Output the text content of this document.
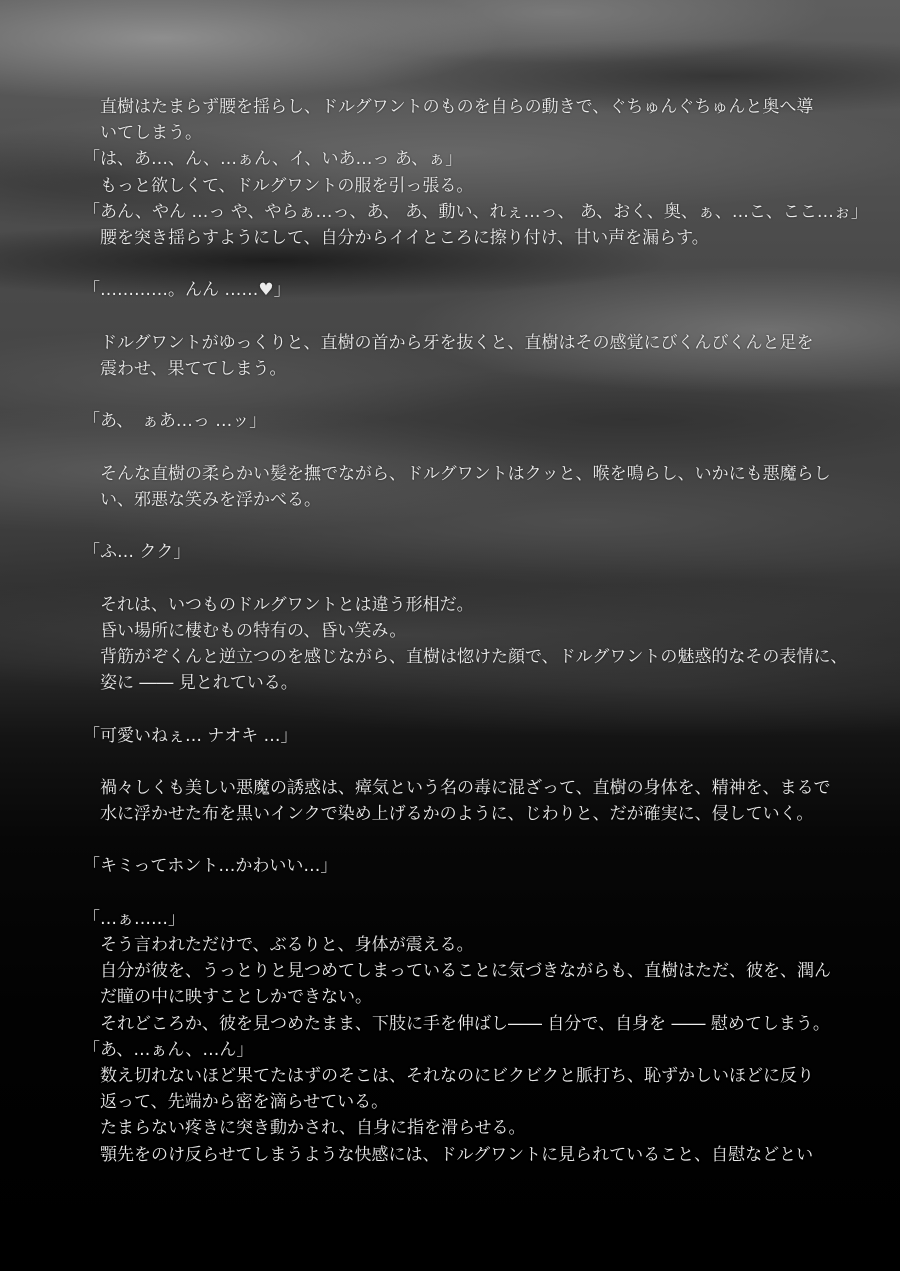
直樹はたまらず腰を揺らし、ドルグワントのものを自らの動きで、ぐちゅんぐちゅんと奥へ導
いてしまう。
「は、あ…、ん、…ぁん、イ、いあ…っ あ、ぁ」
もっと欲しくて、ドルグワントの服を引っ張る。
「あん、やん …っ や、やらぁ…っ、あ、 あ、動い、れぇ…っ、 あ、おく、奥、ぁ、…こ、ここ…ぉ」
腰を突き揺らすようにして、自分からイイところに擦り付け、甘い声を漏らす。
「…………。んん ……♥」
ドルグワントがゆっくりと、直樹の首から牙を抜くと、直樹はその感覚にびくんびくんと足を
震わせ、果ててしまう。
「あ、　ぁあ…っ …ッ」
そんな直樹の柔らかい髪を撫でながら、ドルグワントはクッと、喉を鳴らし、いかにも悪魔らし
い、邪悪な笑みを浮かべる。
「ふ… クク」
それは、いつものドルグワントとは違う形相だ。
昏い場所に棲むもの特有の、昏い笑み。
背筋がぞくんと逆立つのを感じながら、直樹は惚けた顔で、ドルグワントの魅惑的なその表情に、
姿に ―― 見とれている。
「可愛いねぇ… ナオキ …」
禍々しくも美しい悪魔の誘惑は、瘴気という名の毒に混ざって、直樹の身体を、精神を、まるで
水に浮かせた布を黒いインクで染め上げるかのように、じわりと、だが確実に、侵していく。
「キミってホント…かわいい…」
「…ぁ……」
そう言われただけで、ぶるりと、身体が震える。
自分が彼を、うっとりと見つめてしまっていることに気づきながらも、直樹はただ、彼を、潤ん
だ瞳の中に映すことしかできない。
それどころか、彼を見つめたまま、下肢に手を伸ばし―― 自分で、自身を ―― 慰めてしまう。
「あ、…ぁん、…ん」
数え切れないほど果てたはずのそこは、それなのにビクビクと脈打ち、恥ずかしいほどに反り
返って、先端から密を滴らせている。
たまらない疼きに突き動かされ、自身に指を滑らせる。
顎先をのけ反らせてしまうような快感には、ドルグワントに見られていること、自慰などとい
